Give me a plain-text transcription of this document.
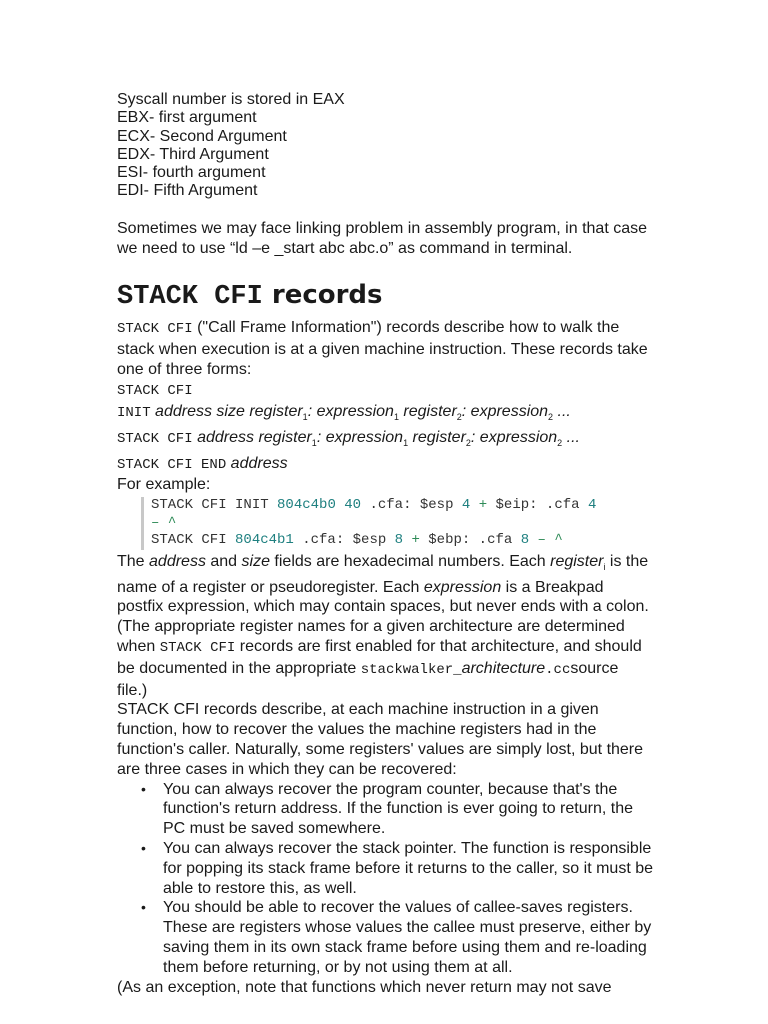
Syscall number is stored in EAX
EBX- first argument
ECX- Second Argument
EDX- Third Argument
ESI- fourth argument
EDI- Fifth Argument
Sometimes we may face linking problem in assembly program, in that case we need to use “ld –e _start abc abc.o” as command in terminal.
STACK CFI records
STACK CFI ("Call Frame Information") records describe how to walk the stack when execution is at a given machine instruction. These records take one of three forms:
STACK CFI
INIT address size register$_1$: expression$_1$ register$_2$: expression$_2$ ...
STACK CFI address register$_1$: expression$_1$ register$_2$: expression$_2$ ...
STACK CFI END address
For example:
STACK CFI INIT 804c4b0 40 .cfa: $esp 4 + $eip: .cfa 4
– ^
STACK CFI 804c4b1 .cfa: $esp 8 + $ebp: .cfa 8 – ^
The address and size fields are hexadecimal numbers. Each register$_i$ is the name of a register or pseudoregister. Each expression is a Breakpad postfix expression, which may contain spaces, but never ends with a colon. (The appropriate register names for a given architecture are determined when STACK CFI records are first enabled for that architecture, and should be documented in the appropriate stackwalker_architecture.ccsource file.)
STACK CFI records describe, at each machine instruction in a given function, how to recover the values the machine registers had in the function's caller. Naturally, some registers' values are simply lost, but there are three cases in which they can be recovered:
• You can always recover the program counter, because that's the function's return address. If the function is ever going to return, the PC must be saved somewhere.
• You can always recover the stack pointer. The function is responsible for popping its stack frame before it returns to the caller, so it must be able to restore this, as well.
• You should be able to recover the values of callee-saves registers. These are registers whose values the callee must preserve, either by saving them in its own stack frame before using them and re-loading them before returning, or by not using them at all.
(As an exception, note that functions which never return may not save
